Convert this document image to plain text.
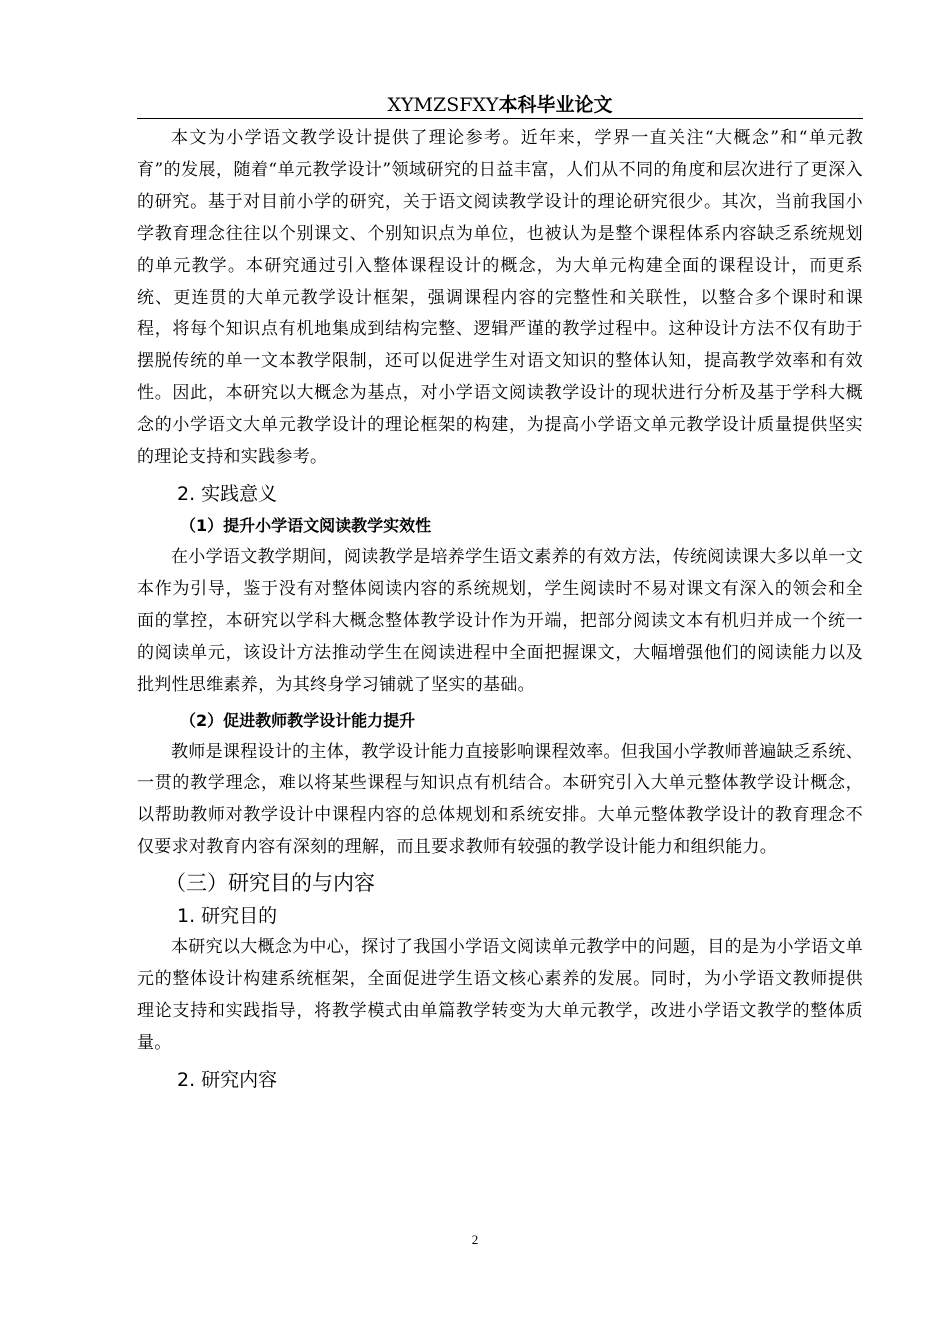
XYMZSFXY本科毕业论文

本文为小学语文教学设计提供了理论参考。近年来，学界一直关注“大概念”和“单元教育”的发展，随着“单元教学设计”领域研究的日益丰富，人们从不同的角度和层次进行了更深入的研究。基于对目前小学的研究，关于语文阅读教学设计的理论研究很少。其次，当前我国小学教育理念往往以个别课文、个别知识点为单位，也被认为是整个课程体系内容缺乏系统规划的单元教学。本研究通过引入整体课程设计的概念，为大单元构建全面的课程设计，而更系统、更连贯的大单元教学设计框架，强调课程内容的完整性和关联性，以整合多个课时和课程，将每个知识点有机地集成到结构完整、逻辑严谨的教学过程中。这种设计方法不仅有助于摆脱传统的单一文本教学限制，还可以促进学生对语文知识的整体认知，提高教学效率和有效性。因此，本研究以大概念为基点，对小学语文阅读教学设计的现状进行分析及基于学科大概念的小学语文大单元教学设计的理论框架的构建，为提高小学语文单元教学设计质量提供坚实的理论支持和实践参考。

2. 实践意义

（1）提升小学语文阅读教学实效性

在小学语文教学期间，阅读教学是培养学生语文素养的有效方法，传统阅读课大多以单一文本作为引导，鉴于没有对整体阅读内容的系统规划，学生阅读时不易对课文有深入的领会和全面的掌控，本研究以学科大概念整体教学设计作为开端，把部分阅读文本有机归并成一个统一的阅读单元，该设计方法推动学生在阅读进程中全面把握课文，大幅增强他们的阅读能力以及批判性思维素养，为其终身学习铺就了坚实的基础。

（2）促进教师教学设计能力提升

教师是课程设计的主体，教学设计能力直接影响课程效率。但我国小学教师普遍缺乏系统、一贯的教学理念，难以将某些课程与知识点有机结合。本研究引入大单元整体教学设计概念，以帮助教师对教学设计中课程内容的总体规划和系统安排。大单元整体教学设计的教育理念不仅要求对教育内容有深刻的理解，而且要求教师有较强的教学设计能力和组织能力。

（三）研究目的与内容

1. 研究目的

本研究以大概念为中心，探讨了我国小学语文阅读单元教学中的问题，目的是为小学语文单元的整体设计构建系统框架，全面促进学生语文核心素养的发展。同时，为小学语文教师提供理论支持和实践指导，将教学模式由单篇教学转变为大单元教学，改进小学语文教学的整体质量。

2. 研究内容

2
